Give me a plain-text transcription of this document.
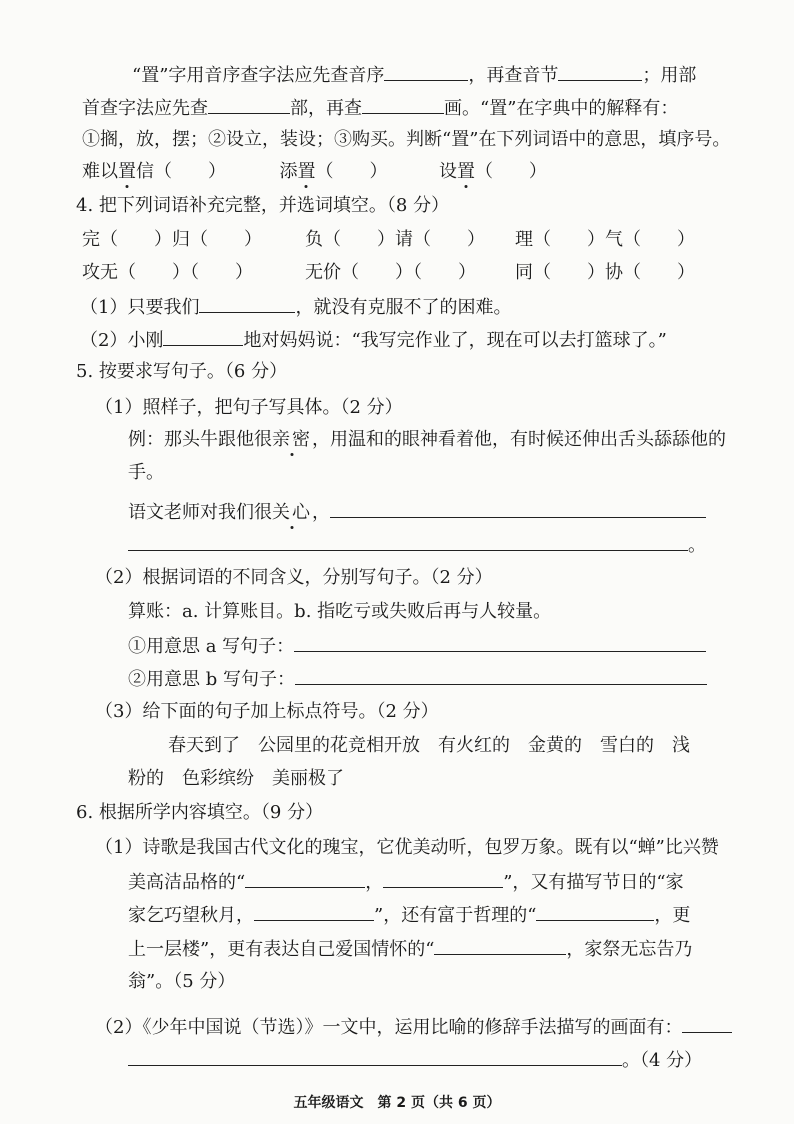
“置”字用音序查字法应先查音序	，再查音节	；用部
首查字法应先查	部，再查	画。“置”在字典中的解释有：
①搁，放，摆；②设立，装设；③购买。判断“置”在下列词语中的意思，填序号。
难以置信（　　）	添置（　　）	设置（　　）
4. 把下列词语补充完整，并选词填空。（8 分）
完（　　）归（　　） 负（　　）请（　　） 理（　　）气（　　）
攻无（　　）（　　）	无价（　　）（　　） 同（　　）协（　　）
（1）只要我们	，就没有克服不了的困难。
（2）小刚	地对妈妈说：“我写完作业了，现在可以去打篮球了。”
5. 按要求写句子。（6 分）
（1）照样子，把句子写具体。（2 分）
例：那头牛跟他很亲密，用温和的眼神看着他，有时候还伸出舌头舔舔他的
手。
语文老师对我们很关心，
。
（2）根据词语的不同含义，分别写句子。（2 分）
算账：a. 计算账目。b. 指吃亏或失败后再与人较量。
①用意思 a 写句子：
②用意思 b 写句子：
（3）给下面的句子加上标点符号。（2 分）
春天到了　公园里的花竞相开放　有火红的　金黄的　雪白的　浅
粉的　色彩缤纷　美丽极了
6. 根据所学内容填空。（9 分）
（1）诗歌是我国古代文化的瑰宝，它优美动听，包罗万象。既有以“蝉”比兴赞
美高洁品格的“	，	”，又有描写节日的“家
家乞巧望秋月，	”，还有富于哲理的“	，更
上一层楼”，更有表达自己爱国情怀的“	，家祭无忘告乃
翁”。（5 分）
（2）《少年中国说（节选）》一文中，运用比喻的修辞手法描写的画面有：
。（4 分）
五年级语文　第 2 页（共 6 页）
